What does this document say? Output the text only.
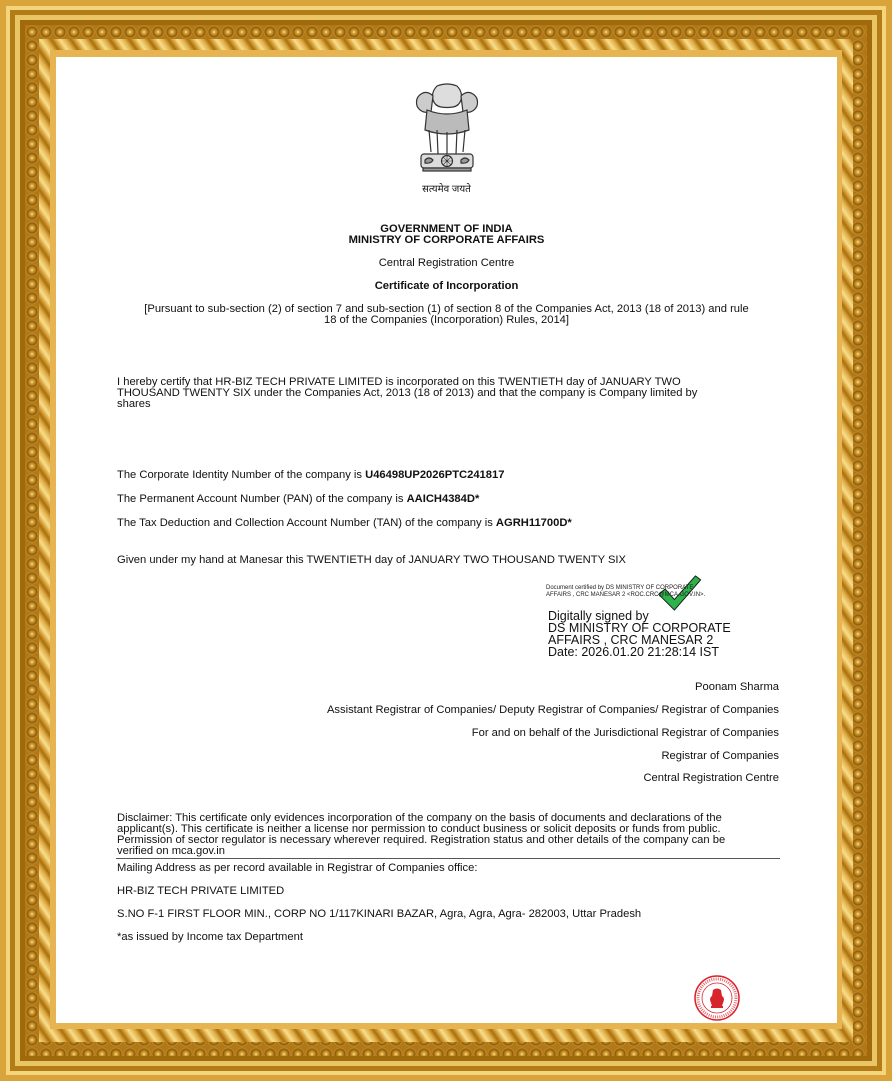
सत्यमेव जयते
GOVERNMENT OF INDIA
MINISTRY OF CORPORATE AFFAIRS
Central Registration Centre
Certificate of Incorporation
[Pursuant to sub-section (2) of section 7 and sub-section (1) of section 8 of the Companies Act, 2013 (18 of 2013) and rule
18 of the Companies (Incorporation) Rules, 2014]
I hereby certify that HR-BIZ TECH PRIVATE LIMITED is incorporated on this TWENTIETH day of JANUARY TWO
THOUSAND TWENTY SIX under the Companies Act, 2013 (18 of 2013) and that the company is Company limited by
shares
The Corporate Identity Number of the company is U46498UP2026PTC241817
The Permanent Account Number (PAN) of the company is AAICH4384D*
The Tax Deduction and Collection Account Number (TAN) of the company is AGRH11700D*
Given under my hand at Manesar this TWENTIETH day of JANUARY TWO THOUSAND TWENTY SIX
Document certified by DS MINISTRY OF CORPORATE
AFFAIRS , CRC MANESAR 2 <ROC.CRC@MCA.GOV.IN>.
Digitally signed by
DS MINISTRY OF CORPORATE
AFFAIRS , CRC MANESAR 2
Date: 2026.01.20 21:28:14 IST
Poonam Sharma
Assistant Registrar of Companies/ Deputy Registrar of Companies/ Registrar of Companies
For and on behalf of the Jurisdictional Registrar of Companies
Registrar of Companies
Central Registration Centre
Disclaimer: This certificate only evidences incorporation of the company on the basis of documents and declarations of the
applicant(s). This certificate is neither a license nor permission to conduct business or solicit deposits or funds from public.
Permission of sector regulator is necessary wherever required. Registration status and other details of the company can be
verified on mca.gov.in
Mailing Address as per record available in Registrar of Companies office:
HR-BIZ TECH PRIVATE LIMITED
S.NO F-1 FIRST FLOOR MIN., CORP NO 1/117KINARI BAZAR, Agra, Agra, Agra- 282003, Uttar Pradesh
*as issued by Income tax Department
